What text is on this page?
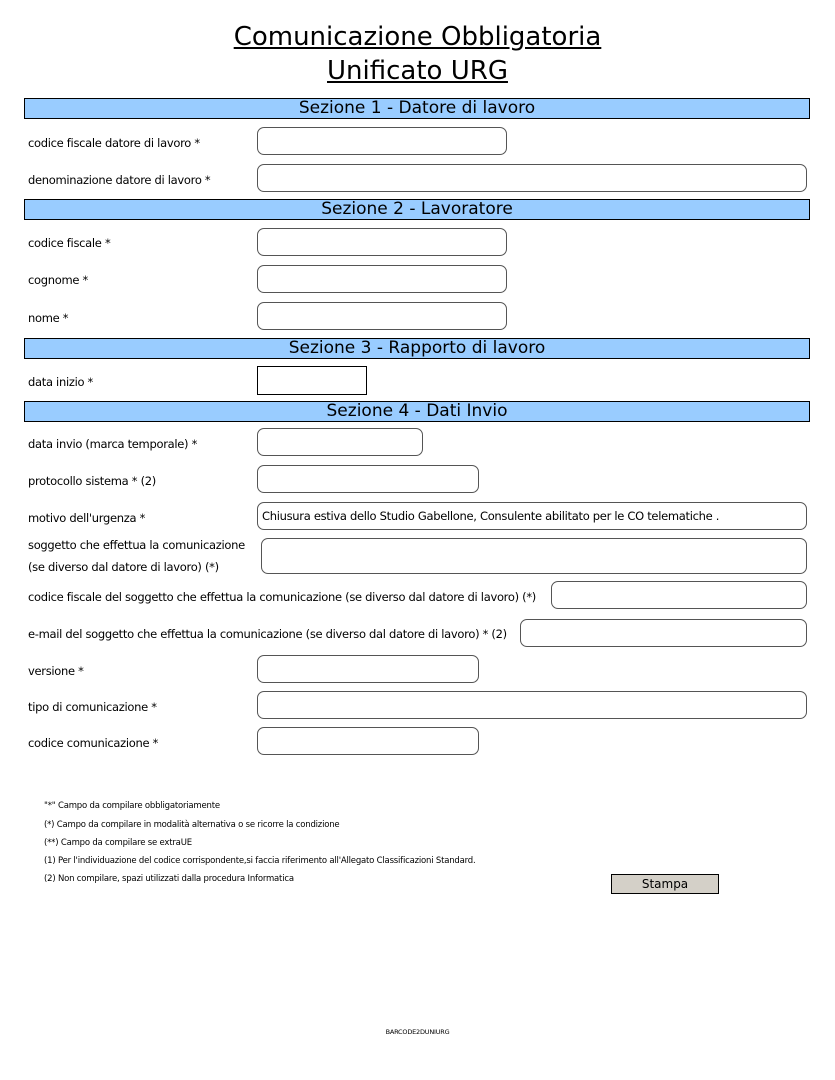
Comunicazione Obbligatoria
Unificato URG
Sezione 1 - Datore di lavoro
codice fiscale datore di lavoro *
denominazione datore di lavoro *
Sezione 2 - Lavoratore
codice fiscale *
cognome *
nome *
Sezione 3 - Rapporto di lavoro
data inizio *
Sezione 4 - Dati Invio
data invio (marca temporale) *
protocollo sistema * (2)
motivo dell'urgenza *	Chiusura estiva dello Studio Gabellone, Consulente abilitato per le CO telematiche .
soggetto che effettua la comunicazione
(se diverso dal datore di lavoro) (*)
codice fiscale del soggetto che effettua la comunicazione (se diverso dal datore di lavoro) (*)
e-mail del soggetto che effettua la comunicazione (se diverso dal datore di lavoro) * (2)
versione *
tipo di comunicazione *
codice comunicazione *
"*" Campo da compilare obbligatoriamente
(*) Campo da compilare in modalità alternativa o se ricorre la condizione
(**) Campo da compilare se extraUE
(1) Per l'individuazione del codice corrispondente,si faccia riferimento all'Allegato Classificazioni Standard.
(2) Non compilare, spazi utilizzati dalla procedura Informatica	Stampa
BARCODE2DUNIURG
